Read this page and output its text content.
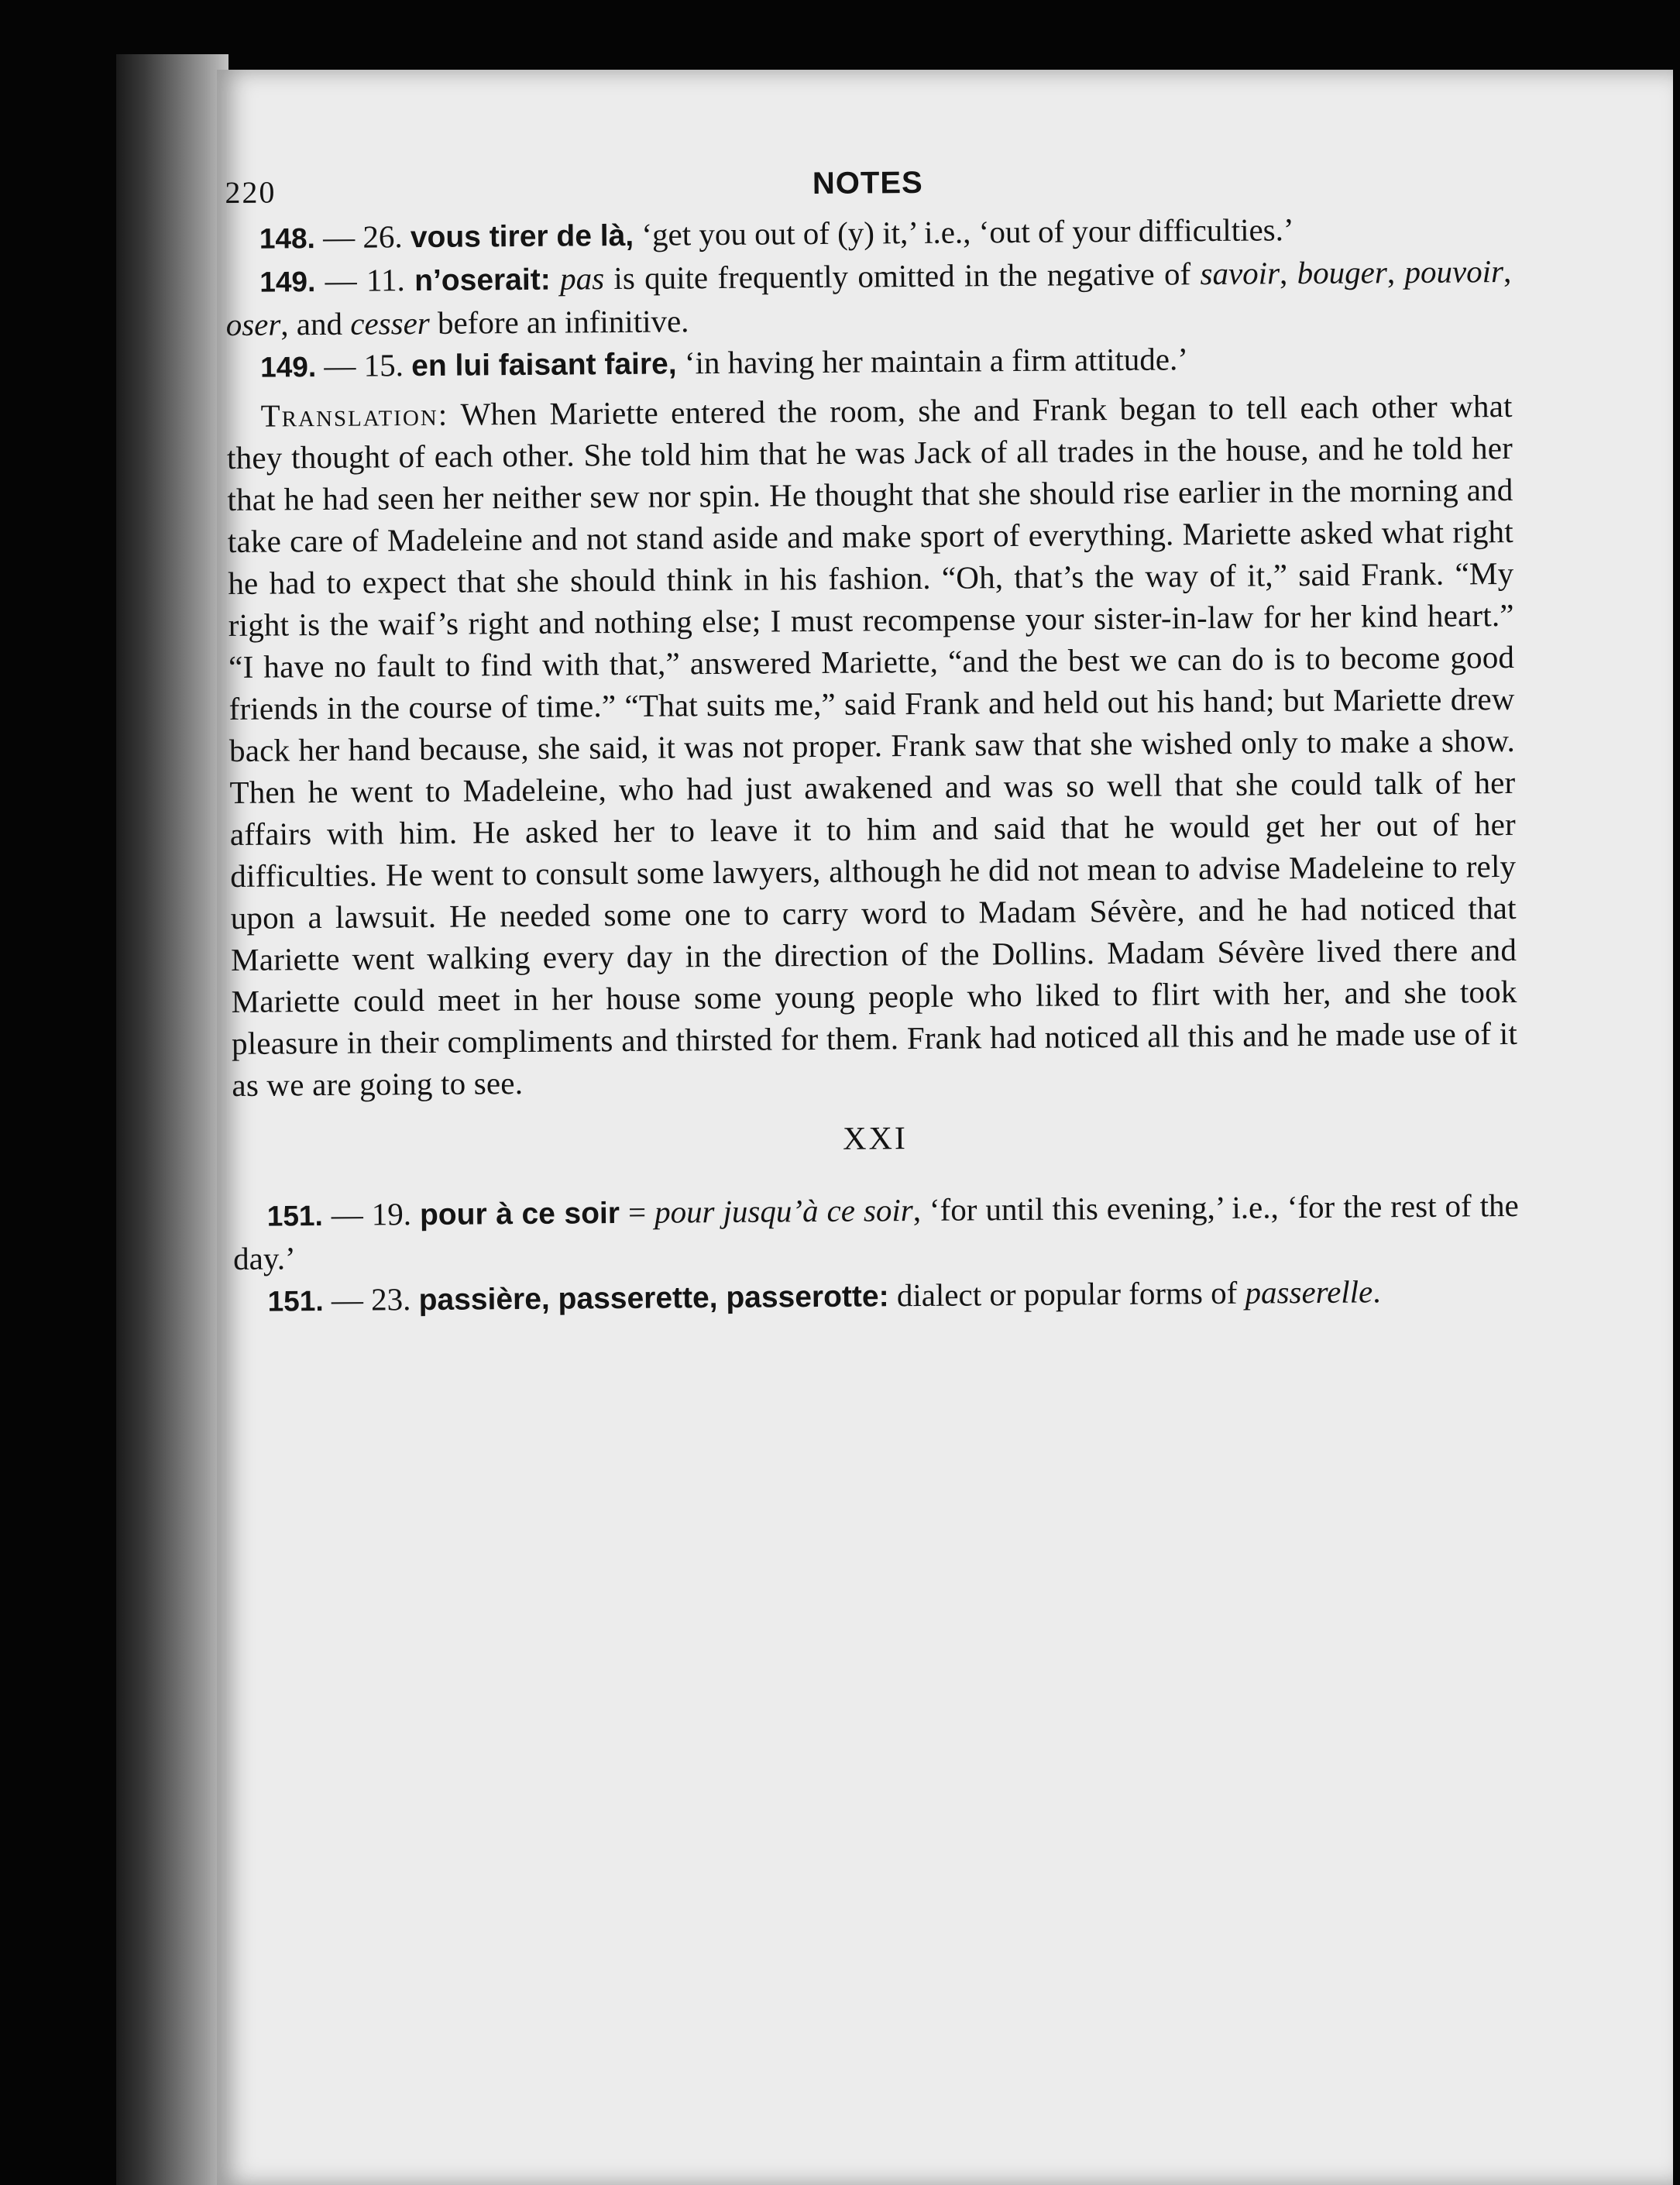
220	NOTES

148. — 26. vous tirer de là, ‘get you out of (y) it,’ i.e., ‘out of your difficulties.’

149. — 11. n’oserait: pas is quite frequently omitted in the negative of savoir, bouger, pouvoir, oser, and cesser before an infinitive.

149. — 15. en lui faisant faire, ‘in having her maintain a firm attitude.’

Translation: When Mariette entered the room, she and Frank began to tell each other what they thought of each other. She told him that he was Jack of all trades in the house, and he told her that he had seen her neither sew nor spin. He thought that she should rise earlier in the morning and take care of Madeleine and not stand aside and make sport of everything. Mariette asked what right he had to expect that she should think in his fashion. “Oh, that’s the way of it,” said Frank. “My right is the waif’s right and nothing else; I must recompense your sister-in-law for her kind heart.” “I have no fault to find with that,” answered Mariette, “and the best we can do is to become good friends in the course of time.” “That suits me,” said Frank and held out his hand; but Mariette drew back her hand because, she said, it was not proper. Frank saw that she wished only to make a show. Then he went to Madeleine, who had just awakened and was so well that she could talk of her affairs with him. He asked her to leave it to him and said that he would get her out of her difficulties. He went to consult some lawyers, although he did not mean to advise Madeleine to rely upon a lawsuit. He needed some one to carry word to Madam Sévère, and he had noticed that Mariette went walking every day in the direction of the Dollins. Madam Sévère lived there and Mariette could meet in her house some young people who liked to flirt with her, and she took pleasure in their compliments and thirsted for them. Frank had noticed all this and he made use of it as we are going to see.

XXI

151. — 19. pour à ce soir = pour jusqu’à ce soir, ‘for until this evening,’ i.e., ‘for the rest of the day.’

151. — 23. passière, passerette, passerotte: dialect or popular forms of passerelle.
